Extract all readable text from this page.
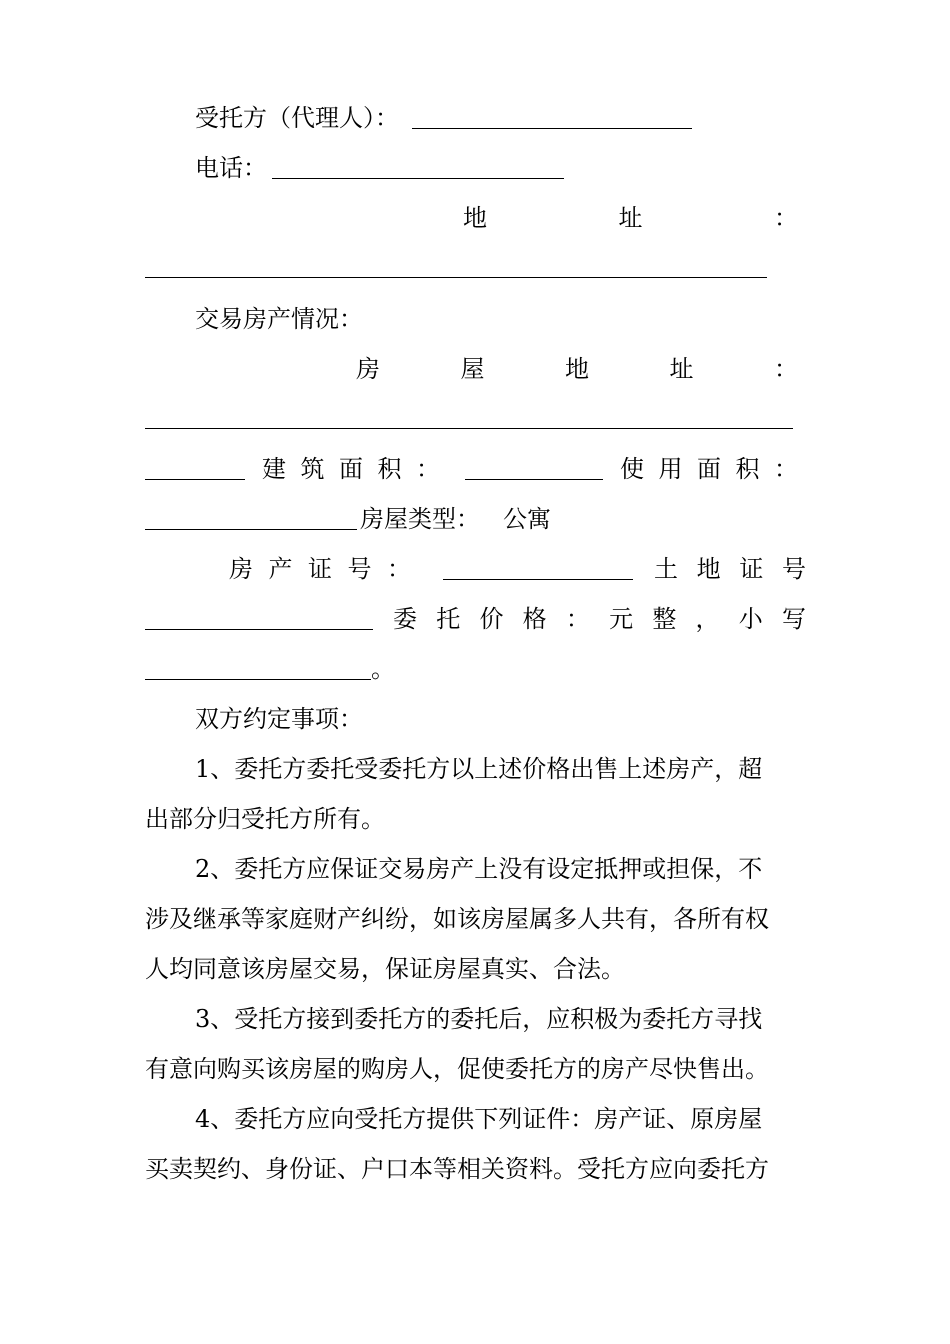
受托方（代理人）：
电话：
地	址	：
交易房产情况：
房	屋	地	址	：
建 筑 面 积 ：	使 用 面 积 ：
房屋类型： 公寓
房 产 证 号 ：	土 地 证 号
委 托 价 格 ： 元 整 ， 小 写
。
双方约定事项：
1、委托方委托受委托方以上述价格出售上述房产，超
出部分归受托方所有。
2、委托方应保证交易房产上没有设定抵押或担保，不
涉及继承等家庭财产纠纷，如该房屋属多人共有，各所有权
人均同意该房屋交易，保证房屋真实、合法。
3、受托方接到委托方的委托后，应积极为委托方寻找
有意向购买该房屋的购房人，促使委托方的房产尽快售出。
4、委托方应向受托方提供下列证件：房产证、原房屋
买卖契约、身份证、户口本等相关资料。受托方应向委托方
